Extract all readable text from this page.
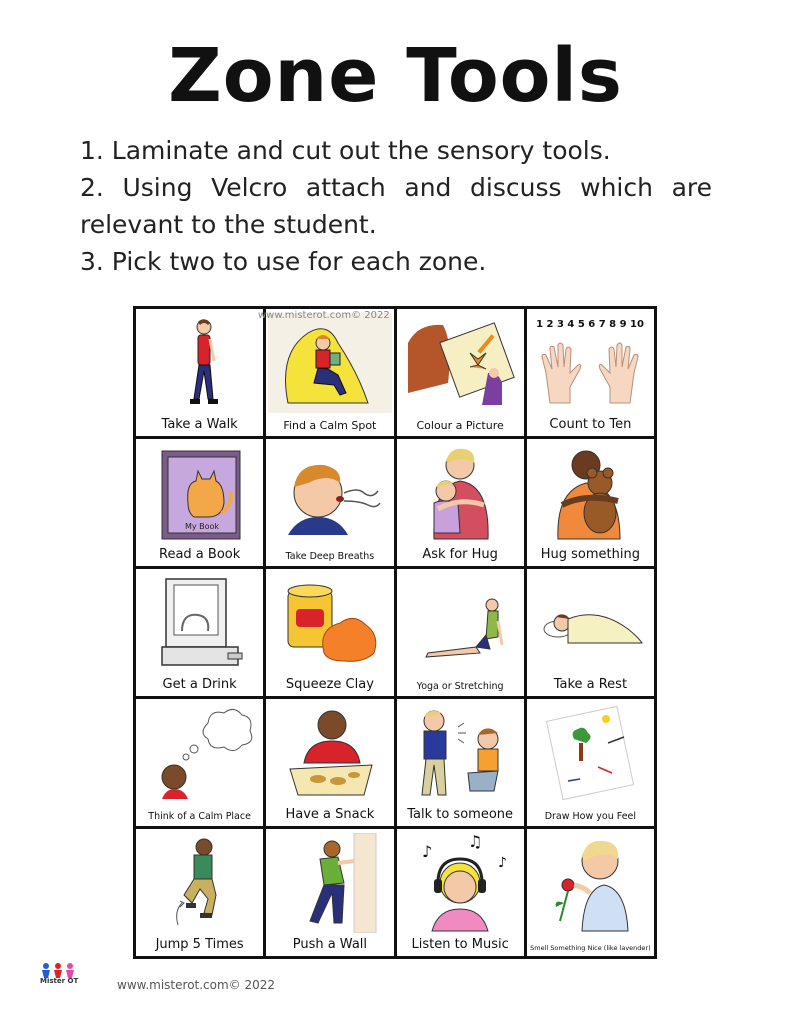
Zone Tools

1. Laminate and cut out the sensory tools.

2. Using Velcro attach and discuss which are

relevant to the student.

3. Pick two to use for each zone.

Take a Walk	Find a Calm Spot	Colour a Picture
1 2 3 4 5 6 7 8 9 10
Count to Ten
My Book
Read a Book	Take Deep Breaths	Ask for Hug	Hug something
Get a Drink	Squeeze Clay	Yoga or Stretching	Take a Rest
Think of a Calm Place	Have a Snack	Talk to someone	Draw How you Feel
Jump 5 Times	Push a Wall
♪
♫
♪
Listen to Music	Smell Something Nice (like lavender)
www.misterot.com© 2022
Mister OT	www.misterot.com© 2022
